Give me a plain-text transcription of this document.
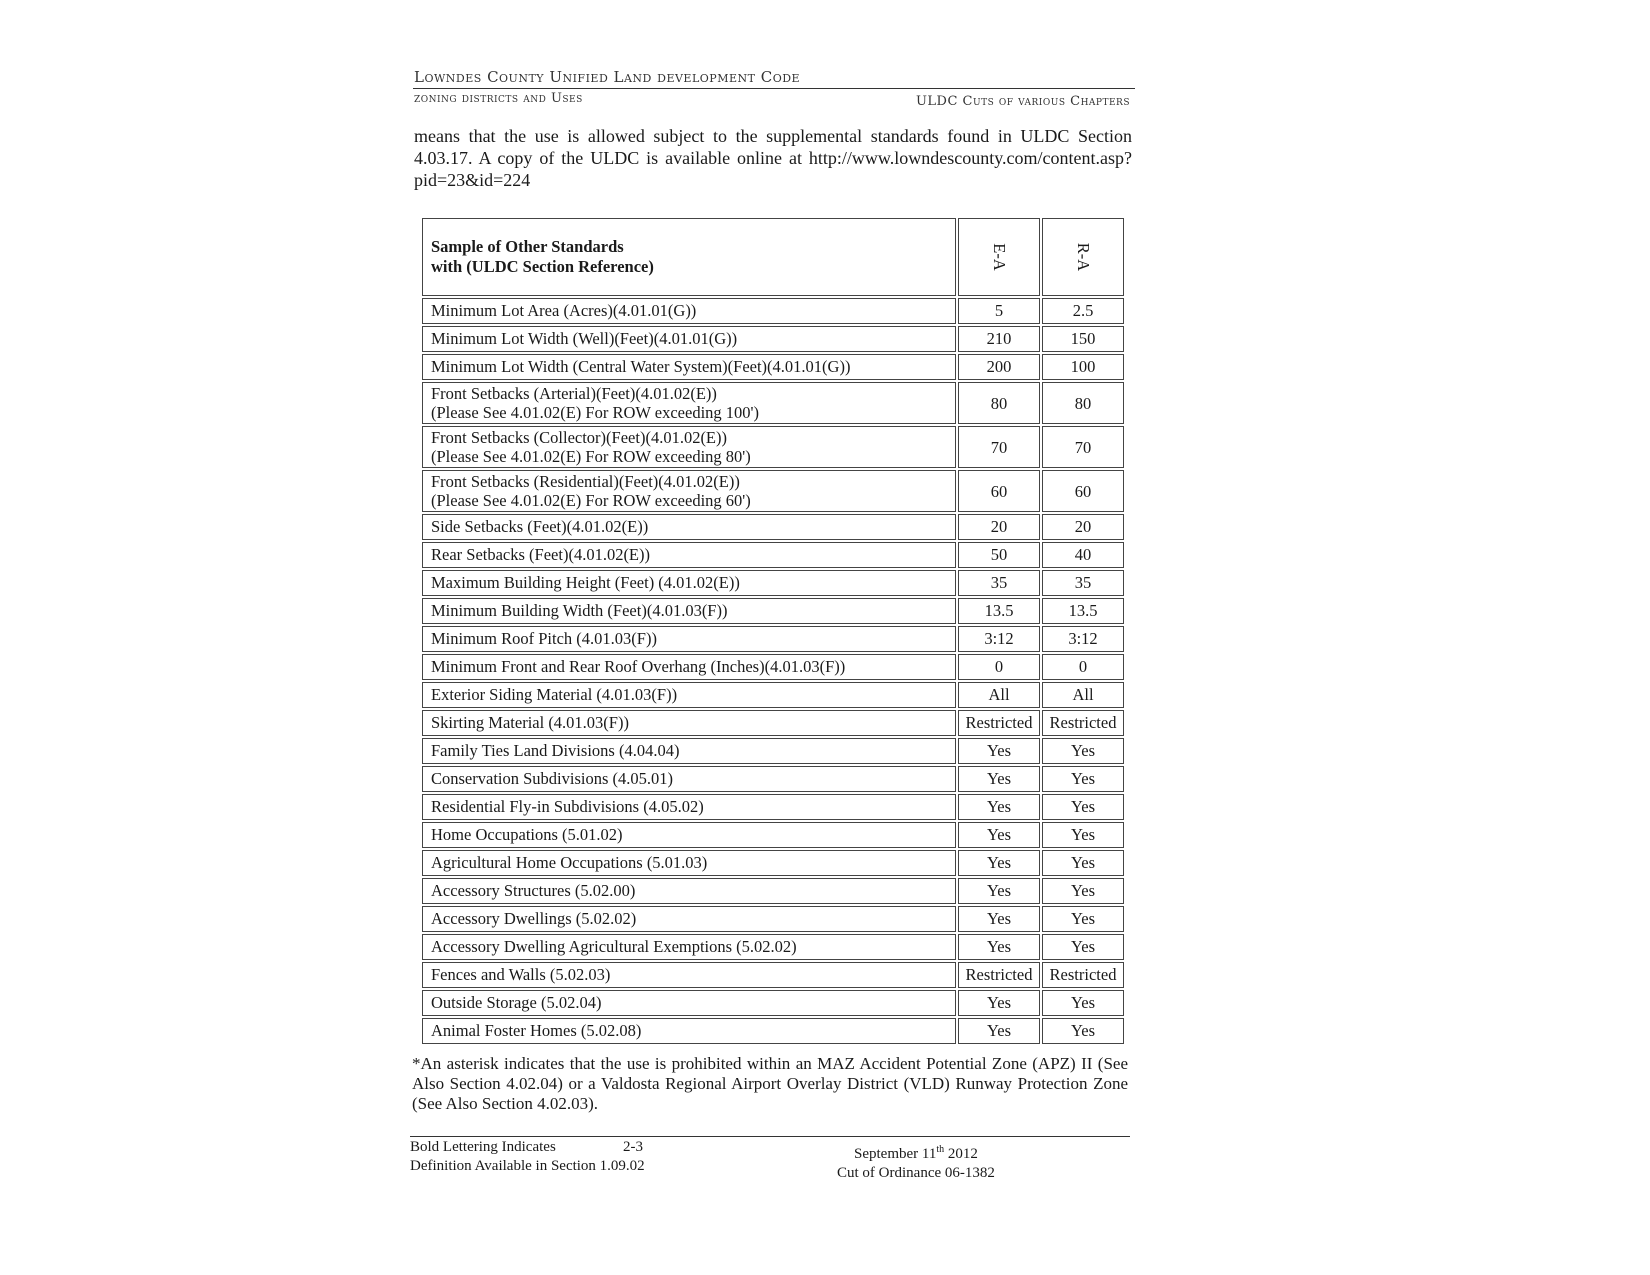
Lowndes County Unified Land development Code
zoning districts and Uses	ULDC Cuts of various Chapters
means that the use is allowed subject to the supplemental standards found in ULDC Section 4.03.17. A copy of the ULDC is available online at http://www.lowndescounty.com/content.asp?pid=23&id=224
Sample of Other Standards
with (ULDC Section Reference)	E-A	R-A
Minimum Lot Area (Acres)(4.01.01(G))	5	2.5
Minimum Lot Width (Well)(Feet)(4.01.01(G))	210	150
Minimum Lot Width (Central Water System)(Feet)(4.01.01(G))	200	100
Front Setbacks (Arterial)(Feet)(4.01.02(E))
(Please See 4.01.02(E) For ROW exceeding 100')	80	80
Front Setbacks (Collector)(Feet)(4.01.02(E))
(Please See 4.01.02(E) For ROW exceeding 80')	70	70
Front Setbacks (Residential)(Feet)(4.01.02(E))
(Please See 4.01.02(E) For ROW exceeding 60')	60	60
Side Setbacks (Feet)(4.01.02(E))	20	20
Rear Setbacks (Feet)(4.01.02(E))	50	40
Maximum Building Height (Feet) (4.01.02(E))	35	35
Minimum Building Width (Feet)(4.01.03(F))	13.5	13.5
Minimum Roof Pitch (4.01.03(F))	3:12	3:12
Minimum Front and Rear Roof Overhang (Inches)(4.01.03(F))	0	0
Exterior Siding Material (4.01.03(F))	All	All
Skirting Material (4.01.03(F))	Restricted	Restricted
Family Ties Land Divisions (4.04.04)	Yes	Yes
Conservation Subdivisions (4.05.01)	Yes	Yes
Residential Fly-in Subdivisions (4.05.02)	Yes	Yes
Home Occupations (5.01.02)	Yes	Yes
Agricultural Home Occupations (5.01.03)	Yes	Yes
Accessory Structures (5.02.00)	Yes	Yes
Accessory Dwellings (5.02.02)	Yes	Yes
Accessory Dwelling Agricultural Exemptions (5.02.02)	Yes	Yes
Fences and Walls (5.02.03)	Restricted	Restricted
Outside Storage (5.02.04)	Yes	Yes
Animal Foster Homes (5.02.08)	Yes	Yes
*An asterisk indicates that the use is prohibited within an MAZ Accident Potential Zone (APZ) II (See Also Section 4.02.04) or a Valdosta Regional Airport Overlay District (VLD) Runway Protection Zone (See Also Section 4.02.03).
Bold Lettering Indicates
Definition Available in Section 1.09.02
2-3	September 11th 2012
Cut of Ordinance 06-1382
